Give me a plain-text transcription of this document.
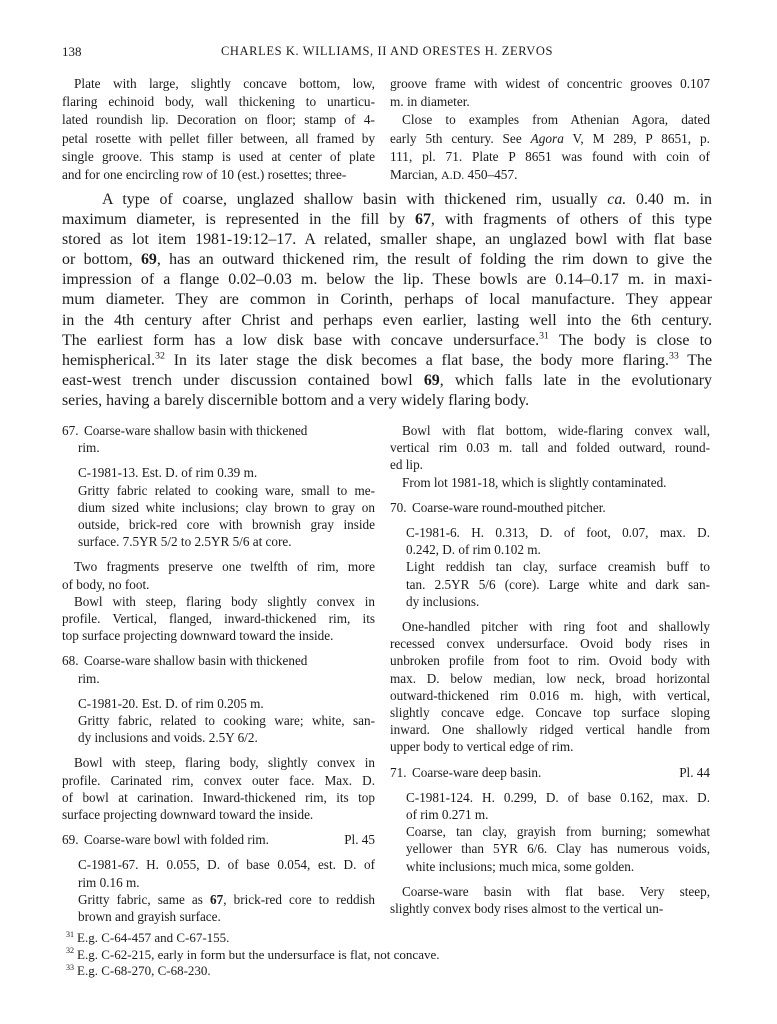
138	CHARLES K. WILLIAMS, II AND ORESTES H. ZERVOS
Plate with large, slightly concave bottom, low,
flaring echinoid body, wall thickening to unarticu-
lated roundish lip. Decoration on floor; stamp of 4-
petal rosette with pellet filler between, all framed by
single groove. This stamp is used at center of plate
and for one encircling row of 10 (est.) rosettes; three-
groove frame with widest of concentric grooves 0.107
m. in diameter.
Close to examples from Athenian Agora, dated
early 5th century. See Agora V, M 289, P 8651, p.
111, pl. 71. Plate P 8651 was found with coin of
Marcian, A.D. 450–457.
A type of coarse, unglazed shallow basin with thickened rim, usually ca. 0.40 m. in
maximum diameter, is represented in the fill by 67, with fragments of others of this type
stored as lot item 1981-19:12–17. A related, smaller shape, an unglazed bowl with flat base
or bottom, 69, has an outward thickened rim, the result of folding the rim down to give the
impression of a flange 0.02–0.03 m. below the lip. These bowls are 0.14–0.17 m. in maxi-
mum diameter. They are common in Corinth, perhaps of local manufacture. They appear
in the 4th century after Christ and perhaps even earlier, lasting well into the 6th century.
The earliest form has a low disk base with concave undersurface.$^{31}$ The body is close to
hemispherical.$^{32}$ In its later stage the disk becomes a flat base, the body more flaring.$^{33}$ The
east-west trench under discussion contained bowl 69, which falls late in the evolutionary
series, having a barely discernible bottom and a very widely flaring body.
67. Coarse-ware shallow basin with thickened
rim.
C-1981-13. Est. D. of rim 0.39 m.
Gritty fabric related to cooking ware, small to me-
dium sized white inclusions; clay brown to gray on
outside, brick-red core with brownish gray inside
surface. 7.5YR 5/2 to 2.5YR 5/6 at core.
Two fragments preserve one twelfth of rim, more
of body, no foot.
Bowl with steep, flaring body slightly convex in
profile. Vertical, flanged, inward-thickened rim, its
top surface projecting downward toward the inside.
68. Coarse-ware shallow basin with thickened
rim.
C-1981-20. Est. D. of rim 0.205 m.
Gritty fabric, related to cooking ware; white, san-
dy inclusions and voids. 2.5Y 6/2.
Bowl with steep, flaring body, slightly convex in
profile. Carinated rim, convex outer face. Max. D.
of bowl at carination. Inward-thickened rim, its top
surface projecting downward toward the inside.
69. Coarse-ware bowl with folded rim.	Pl. 45
C-1981-67. H. 0.055, D. of base 0.054, est. D. of
rim 0.16 m.
Gritty fabric, same as 67, brick-red core to reddish
brown and grayish surface.
Bowl with flat bottom, wide-flaring convex wall,
vertical rim 0.03 m. tall and folded outward, round-
ed lip.
From lot 1981-18, which is slightly contaminated.
70. Coarse-ware round-mouthed pitcher.
C-1981-6. H. 0.313, D. of foot, 0.07, max. D.
0.242, D. of rim 0.102 m.
Light reddish tan clay, surface creamish buff to
tan. 2.5YR 5/6 (core). Large white and dark san-
dy inclusions.
One-handled pitcher with ring foot and shallowly
recessed convex undersurface. Ovoid body rises in
unbroken profile from foot to rim. Ovoid body with
max. D. below median, low neck, broad horizontal
outward-thickened rim 0.016 m. high, with vertical,
slightly concave edge. Concave top surface sloping
inward. One shallowly ridged vertical handle from
upper body to vertical edge of rim.
71. Coarse-ware deep basin.	Pl. 44
C-1981-124. H. 0.299, D. of base 0.162, max. D.
of rim 0.271 m.
Coarse, tan clay, grayish from burning; somewhat
yellower than 5YR 6/6. Clay has numerous voids,
white inclusions; much mica, some golden.
Coarse-ware basin with flat base. Very steep,
slightly convex body rises almost to the vertical un-
$^{31}$ E.g. C-64-457 and C-67-155.
$^{32}$ E.g. C-62-215, early in form but the undersurface is flat, not concave.
$^{33}$ E.g. C-68-270, C-68-230.
